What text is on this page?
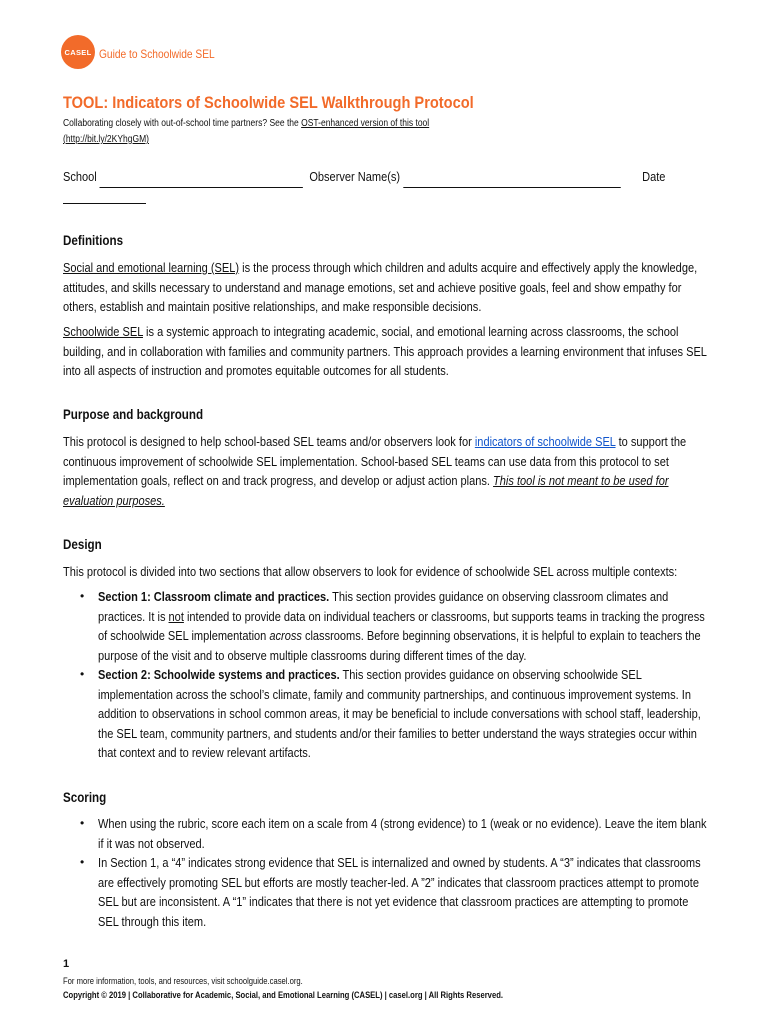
CASEL Guide to Schoolwide SEL
TOOL: Indicators of Schoolwide SEL Walkthrough Protocol
Collaborating closely with out-of-school time partners? See the OST-enhanced version of this tool
(http://bit.ly/2KYhgGM)
School	Observer Name(s)	Date
Definitions
Social and emotional learning (SEL) is the process through which children and adults acquire and effectively apply the knowledge,
attitudes, and skills necessary to understand and manage emotions, set and achieve positive goals, feel and show empathy for
others, establish and maintain positive relationships, and make responsible decisions.
Schoolwide SEL is a systemic approach to integrating academic, social, and emotional learning across classrooms, the school
building, and in collaboration with families and community partners. This approach provides a learning environment that infuses SEL
into all aspects of instruction and promotes equitable outcomes for all students.
Purpose and background
This protocol is designed to help school-based SEL teams and/or observers look for indicators of schoolwide SEL to support the
continuous improvement of schoolwide SEL implementation. School-based SEL teams can use data from this protocol to set
implementation goals, reflect on and track progress, and develop or adjust action plans. This tool is not meant to be used for
evaluation purposes.
Design
This protocol is divided into two sections that allow observers to look for evidence of schoolwide SEL across multiple contexts:
• Section 1: Classroom climate and practices. This section provides guidance on observing classroom climates and
practices. It is not intended to provide data on individual teachers or classrooms, but supports teams in tracking the progress
of schoolwide SEL implementation across classrooms. Before beginning observations, it is helpful to explain to teachers the
purpose of the visit and to observe multiple classrooms during different times of the day.
• Section 2: Schoolwide systems and practices. This section provides guidance on observing schoolwide SEL
implementation across the school’s climate, family and community partnerships, and continuous improvement systems. In
addition to observations in school common areas, it may be beneficial to include conversations with school staff, leadership,
the SEL team, community partners, and students and/or their families to better understand the ways strategies occur within
that context and to review relevant artifacts.
Scoring
• When using the rubric, score each item on a scale from 4 (strong evidence) to 1 (weak or no evidence). Leave the item blank
if it was not observed.
• In Section 1, a “4” indicates strong evidence that SEL is internalized and owned by students. A “3” indicates that classrooms
are effectively promoting SEL but efforts are mostly teacher-led. A ”2” indicates that classroom practices attempt to promote
SEL but are inconsistent. A “1” indicates that there is not yet evidence that classroom practices are attempting to promote
SEL through this item.
1
For more information, tools, and resources, visit schoolguide.casel.org.
Copyright © 2019 | Collaborative for Academic, Social, and Emotional Learning (CASEL) | casel.org | All Rights Reserved.
